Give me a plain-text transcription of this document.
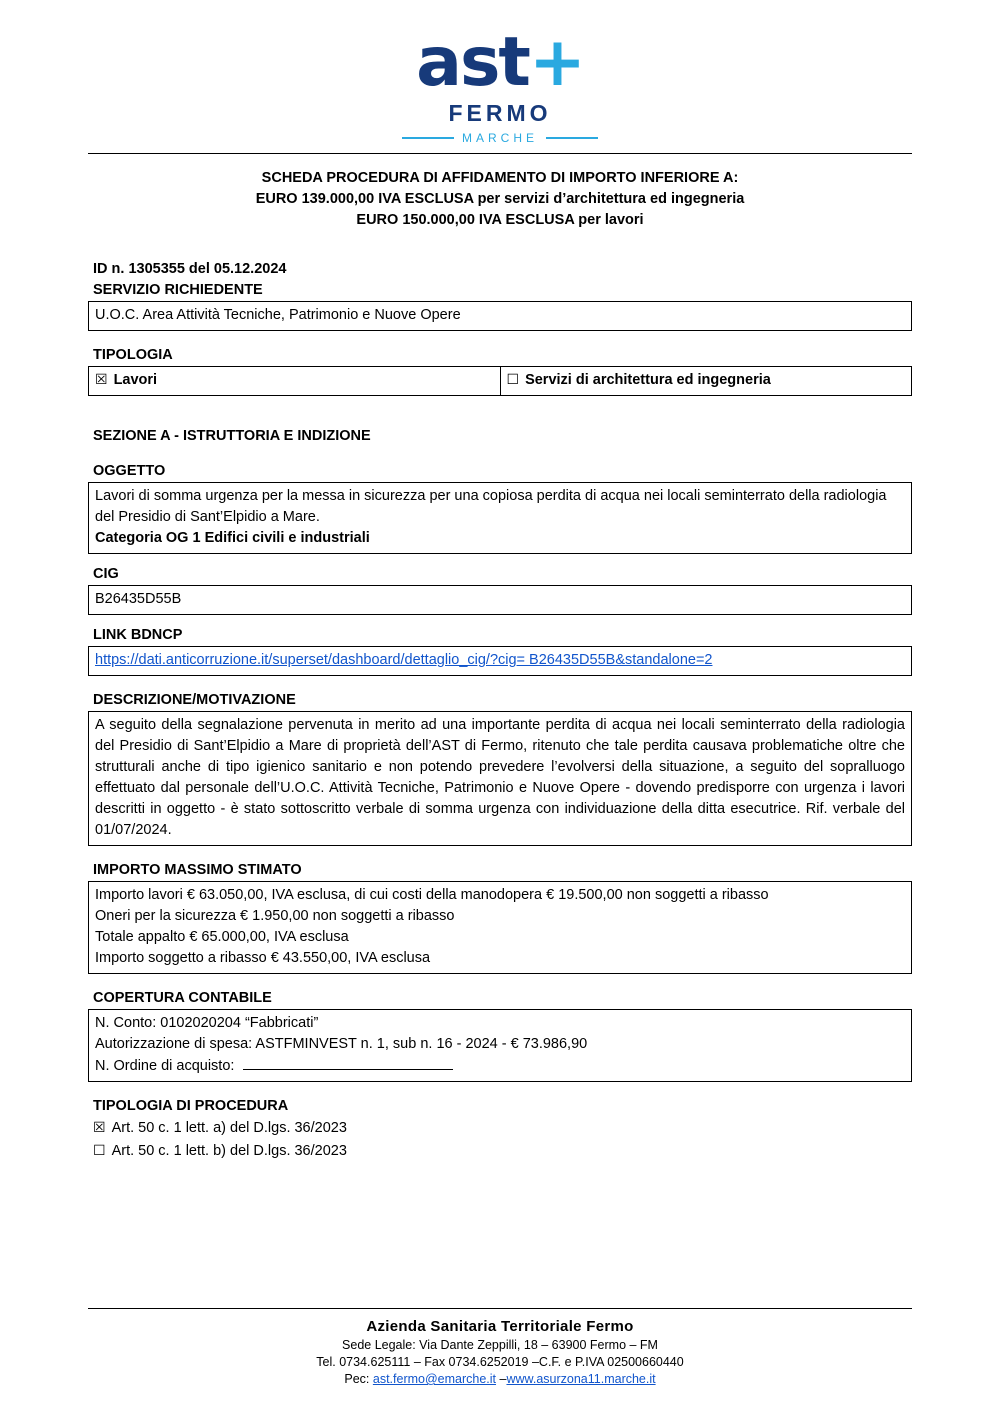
ast+
FERMO
MARCHE
SCHEDA PROCEDURA DI AFFIDAMENTO DI IMPORTO INFERIORE A:
EURO 139.000,00 IVA ESCLUSA per servizi d’architettura ed ingegneria
EURO 150.000,00 IVA ESCLUSA per lavori
ID n. 1305355 del 05.12.2024
SERVIZIO RICHIEDENTE
U.O.C. Area Attività Tecniche, Patrimonio e Nuove Opere
TIPOLOGIA
☒ Lavori	☐ Servizi di architettura ed ingegneria
SEZIONE A - ISTRUTTORIA E INDIZIONE
OGGETTO

Lavori di somma urgenza per la messa in sicurezza per una copiosa perdita di acqua nei locali seminterrato della radiologia del Presidio di Sant’Elpidio a Mare.

Categoria OG 1 Edifici civili e industriali

CIG
B26435D55B
LINK BDNCP
https://dati.anticorruzione.it/superset/dashboard/dettaglio_cig/?cig= B26435D55B&standalone=2
DESCRIZIONE/MOTIVAZIONE

A seguito della segnalazione pervenuta in merito ad una importante perdita di acqua nei locali seminterrato della radiologia del Presidio di Sant’Elpidio a Mare di proprietà dell’AST di Fermo, ritenuto che tale perdita causava problematiche oltre che strutturali anche di tipo igienico sanitario e non potendo prevedere l’evolversi della situazione, a seguito del sopralluogo effettuato dal personale dell’U.O.C. Attività Tecniche, Patrimonio e Nuove Opere - dovendo predisporre con urgenza i lavori descritti in oggetto - è stato sottoscritto verbale di somma urgenza con individuazione della ditta esecutrice. Rif. verbale del 01/07/2024.

IMPORTO MASSIMO STIMATO

Importo lavori € 63.050,00, IVA esclusa, di cui costi della manodopera € 19.500,00 non soggetti a ribasso

Oneri per la sicurezza € 1.950,00 non soggetti a ribasso

Totale appalto € 65.000,00, IVA esclusa

Importo soggetto a ribasso € 43.550,00, IVA esclusa

COPERTURA CONTABILE

N. Conto: 0102020204 “Fabbricati”

Autorizzazione di spesa: ASTFMINVEST n. 1, sub n. 16 - 2024 - € 73.986,90

N. Ordine di acquisto:

TIPOLOGIA DI PROCEDURA
☒ Art. 50 c. 1 lett. a) del D.lgs. 36/2023
☐ Art. 50 c. 1 lett. b) del D.lgs. 36/2023
Azienda Sanitaria Territoriale Fermo
Sede Legale: Via Dante Zeppilli, 18 – 63900 Fermo – FM
Tel. 0734.625111 – Fax 0734.6252019 –C.F. e P.IVA 02500660440
Pec: ast.fermo@emarche.it –www.asurzona11.marche.it
